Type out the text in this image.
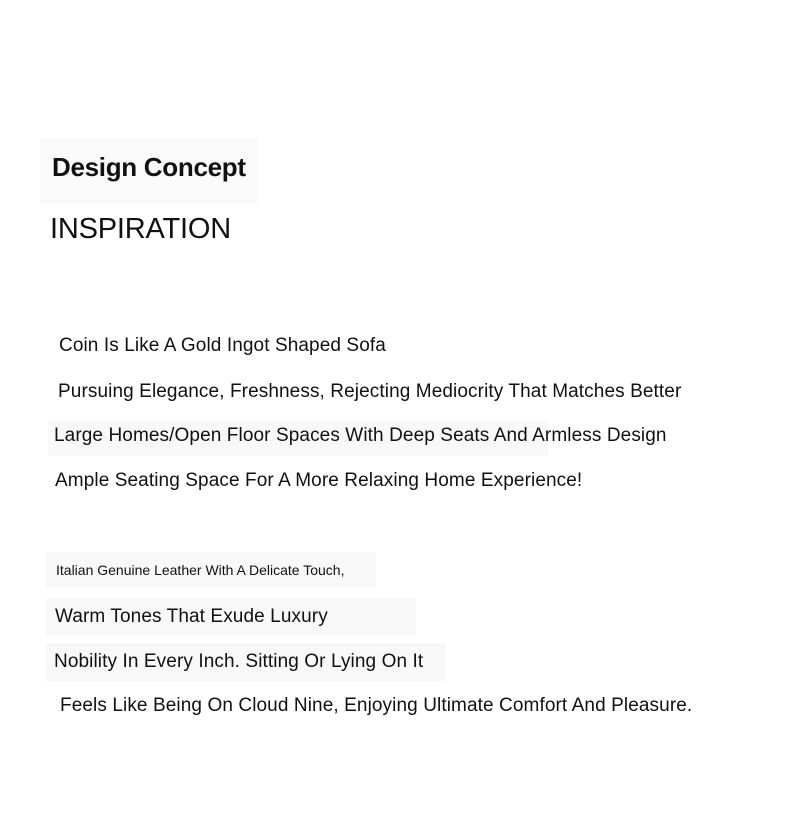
Design Concept
INSPIRATION
Coin Is Like A Gold Ingot Shaped Sofa
Pursuing Elegance, Freshness, Rejecting Mediocrity That Matches Better
Large Homes/Open Floor Spaces With Deep Seats And Armless Design
Ample Seating Space For A More Relaxing Home Experience!
Italian Genuine Leather With A Delicate Touch,
Warm Tones That Exude Luxury
Nobility In Every Inch. Sitting Or Lying On It
Feels Like Being On Cloud Nine, Enjoying Ultimate Comfort And Pleasure.
